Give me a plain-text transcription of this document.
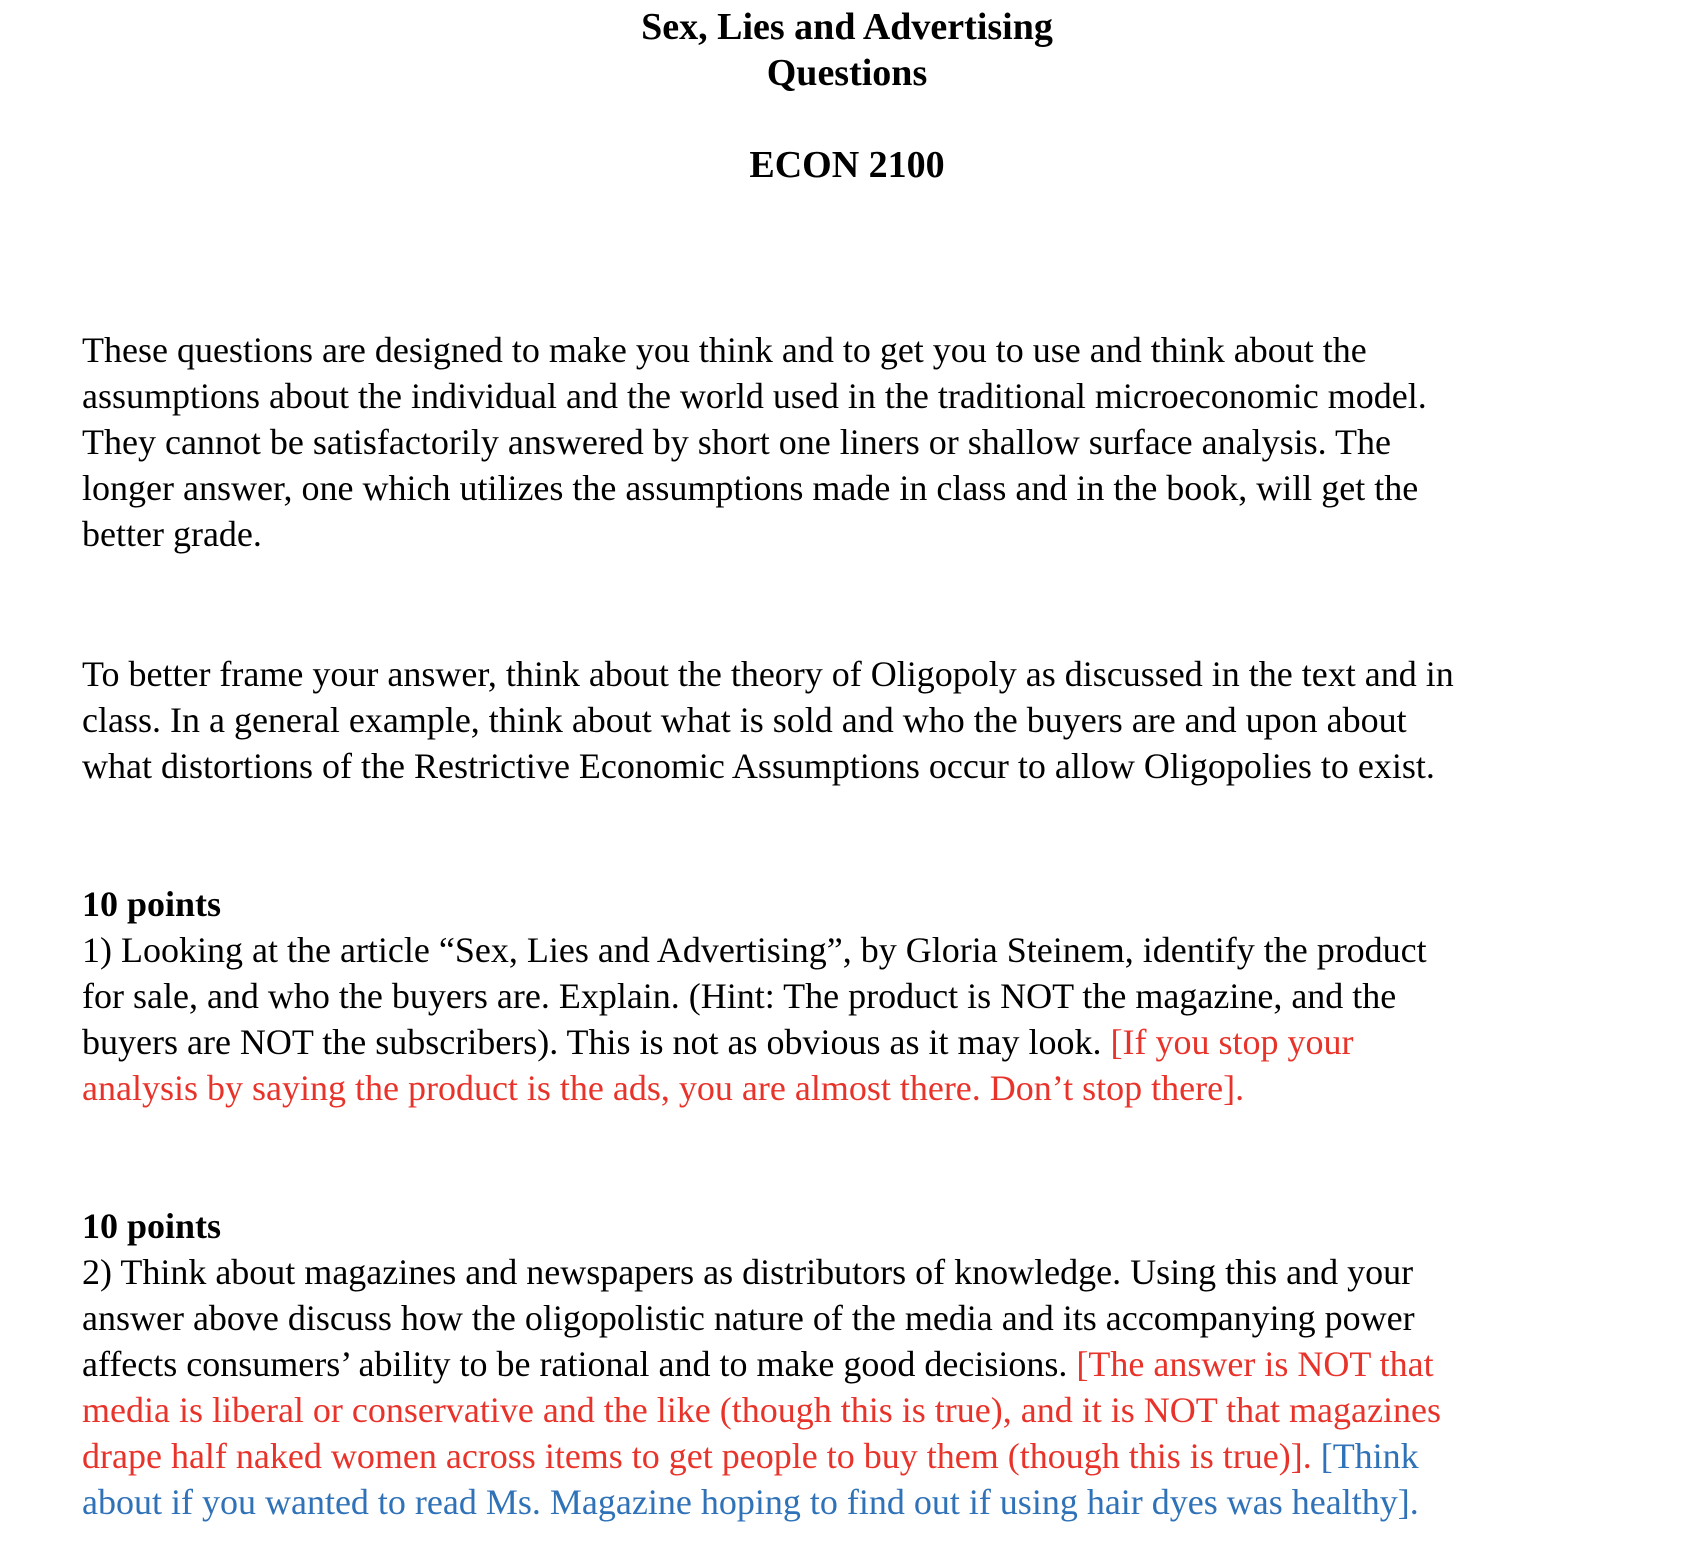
Sex, Lies and Advertising
Questions
ECON 2100

These questions are designed to make you think and to get you to use and think about the
assumptions about the individual and the world used in the traditional microeconomic model.
They cannot be satisfactorily answered by short one liners or shallow surface analysis. The
longer answer, one which utilizes the assumptions made in class and in the book, will get the
better grade.

To better frame your answer, think about the theory of Oligopoly as discussed in the text and in
class. In a general example, think about what is sold and who the buyers are and upon about
what distortions of the Restrictive Economic Assumptions occur to allow Oligopolies to exist.

10 points
1) Looking at the article “Sex, Lies and Advertising”, by Gloria Steinem, identify the product
for sale, and who the buyers are. Explain. (Hint: The product is NOT the magazine, and the
buyers are NOT the subscribers). This is not as obvious as it may look. [If you stop your
analysis by saying the product is the ads, you are almost there. Don’t stop there].
10 points
2) Think about magazines and newspapers as distributors of knowledge. Using this and your
answer above discuss how the oligopolistic nature of the media and its accompanying power
affects consumers’ ability to be rational and to make good decisions. [The answer is NOT that
media is liberal or conservative and the like (though this is true), and it is NOT that magazines
drape half naked women across items to get people to buy them (though this is true)]. [Think
about if you wanted to read Ms. Magazine hoping to find out if using hair dyes was healthy].
